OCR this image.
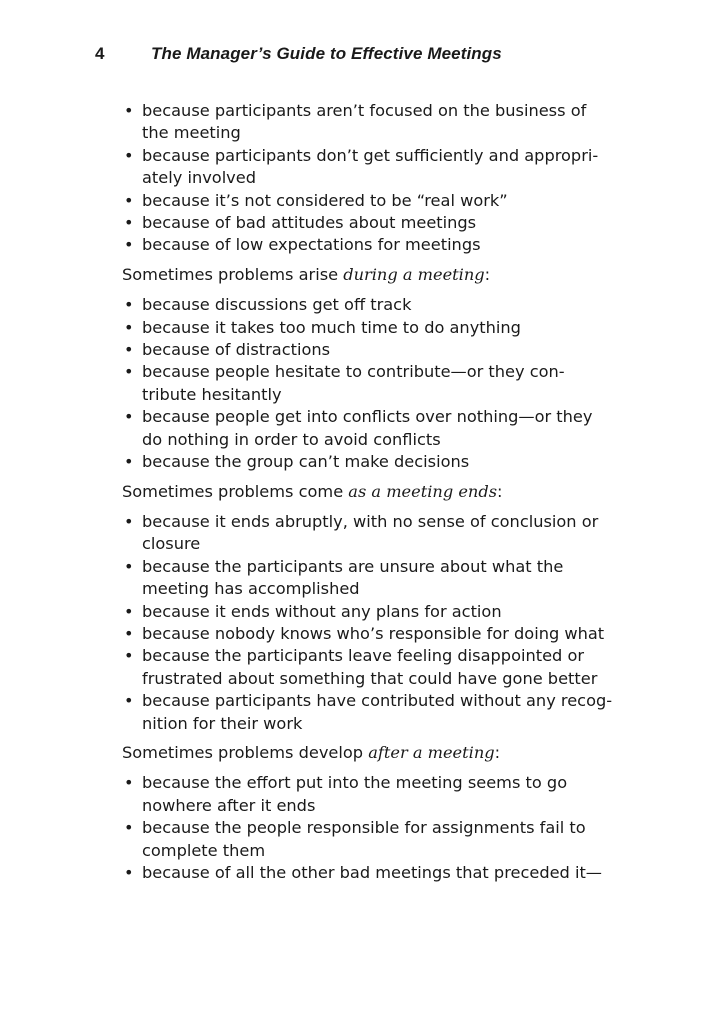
4	The Manager’s Guide to Effective Meetings
• because participants aren’t focused on the business of
the meeting
• because participants don’t get sufficiently and appropri-
ately involved
• because it’s not considered to be “real work”
• because of bad attitudes about meetings
• because of low expectations for meetings

Sometimes problems arise during a meeting:

• because discussions get off track
• because it takes too much time to do anything
• because of distractions
• because people hesitate to contribute—or they con-
tribute hesitantly
• because people get into conflicts over nothing—or they
do nothing in order to avoid conflicts
• because the group can’t make decisions

Sometimes problems come as a meeting ends:

• because it ends abruptly, with no sense of conclusion or
closure
• because the participants are unsure about what the
meeting has accomplished
• because it ends without any plans for action
• because nobody knows who’s responsible for doing what
• because the participants leave feeling disappointed or
frustrated about something that could have gone better
• because participants have contributed without any recog-
nition for their work

Sometimes problems develop after a meeting:

• because the effort put into the meeting seems to go
nowhere after it ends
• because the people responsible for assignments fail to
complete them
• because of all the other bad meetings that preceded it—
